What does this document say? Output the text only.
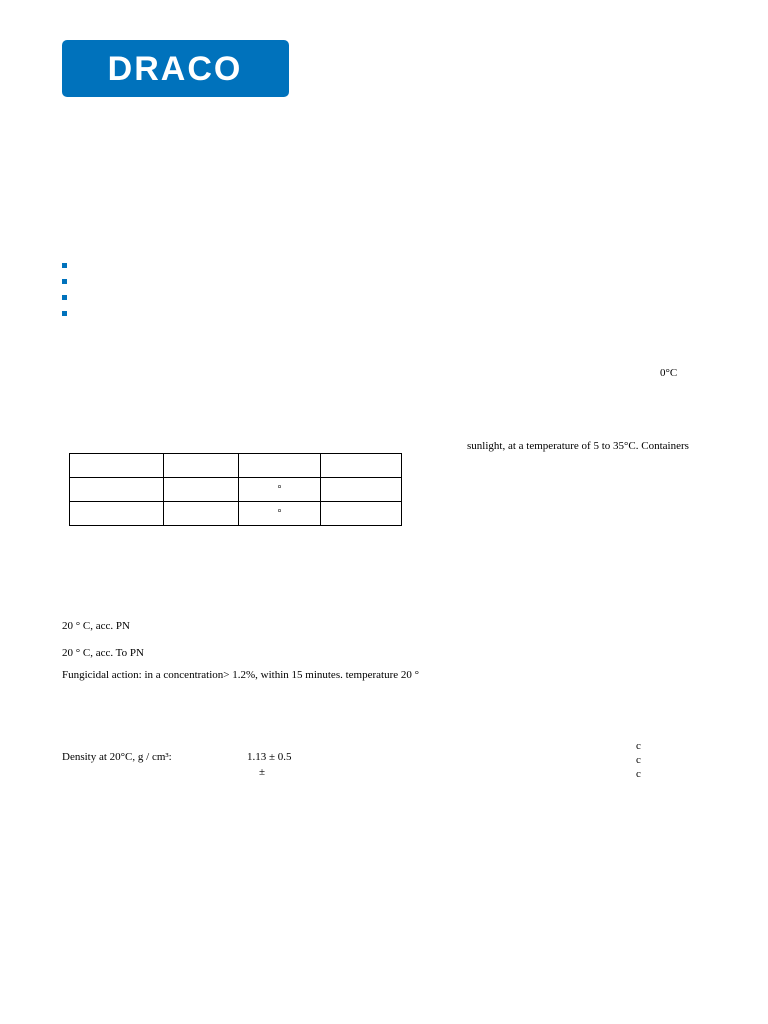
DRACO
0°C
sunlight, at a temperature of 5 to 35°C. Containers

		°	
		°	
20 ° C, acc. PN
20 ° C, acc. To PN
Fungicidal action: in a concentration> 1.2%, within 15 minutes. temperature 20 °
Density at 20°C, g / cm³:	1.13 ± 0.5
±
c
c
c
